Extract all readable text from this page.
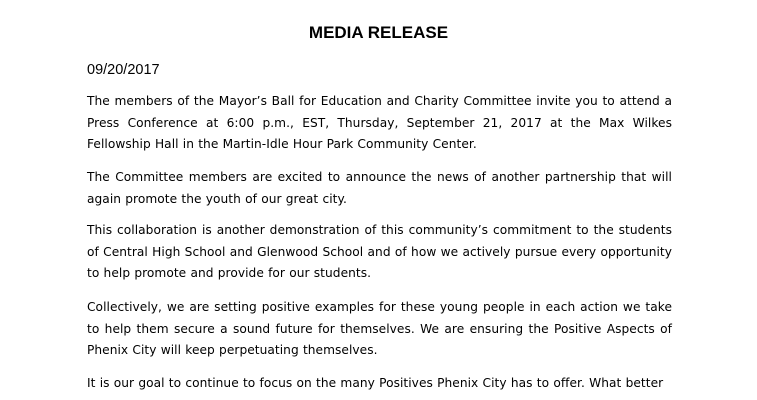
MEDIA RELEASE
09/20/2017

The members of the Mayor’s Ball for Education and Charity Committee invite you to attend a Press Conference at 6:00 p.m., EST, Thursday, September 21, 2017 at the Max Wilkes Fellowship Hall in the Martin-Idle Hour Park Community Center.

The Committee members are excited to announce the news of another partnership that will again promote the youth of our great city.

This collaboration is another demonstration of this community’s commitment to the students of Central High School and Glenwood School and of how we actively pursue every opportunity to help promote and provide for our students.

Collectively, we are setting positive examples for these young people in each action we take to help them secure a sound future for themselves. We are ensuring the Positive Aspects of Phenix City will keep perpetuating themselves.

It is our goal to continue to focus on the many Positives Phenix City has to offer. What better
